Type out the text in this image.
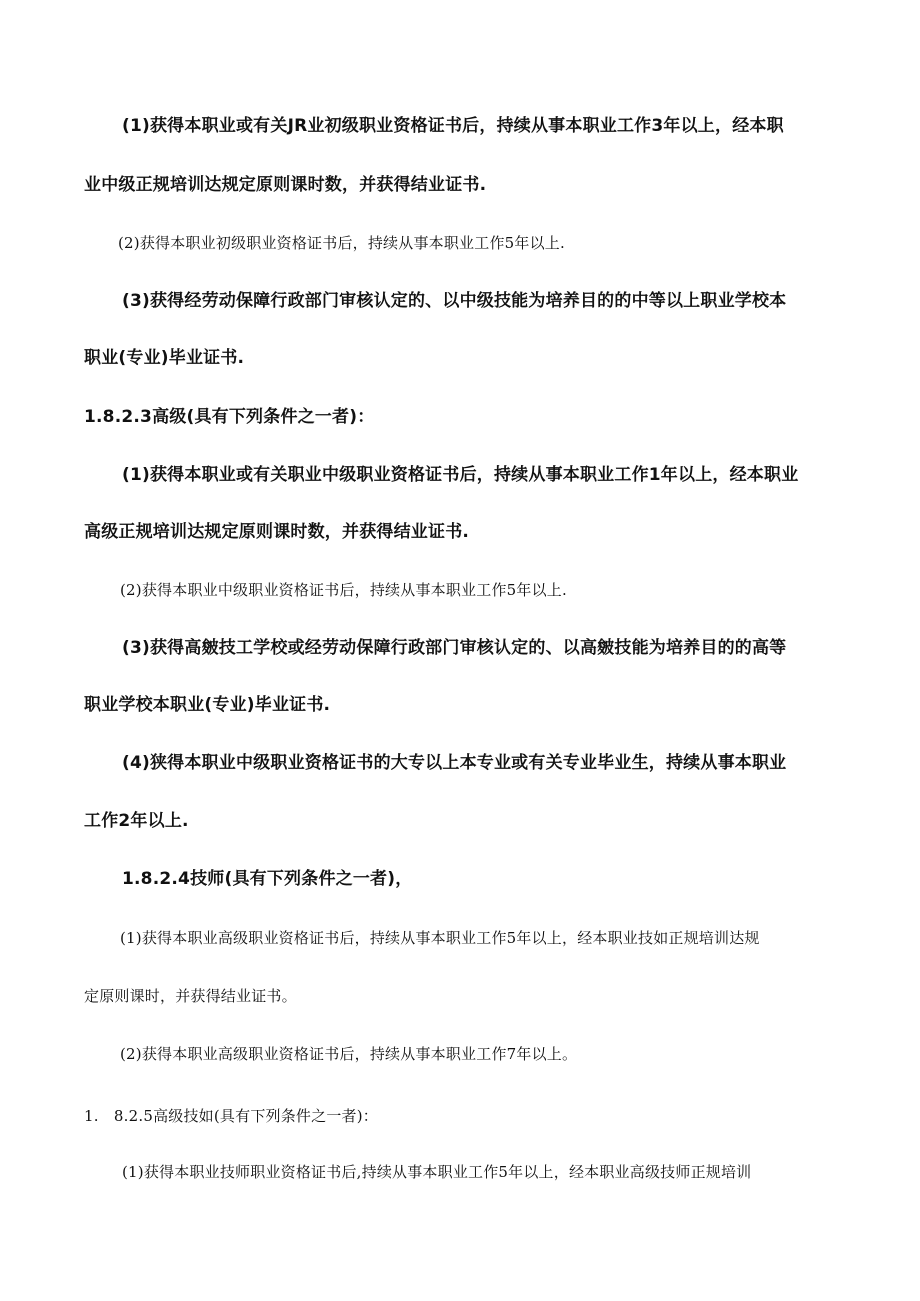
(1)获得本职业或有关JR业初级职业资格证书后，持续从事本职业工作3年以上，经本职
业中级正规培训达规定原则课时数，并获得结业证书.
(2)获得本职业初级职业资格证书后，持续从事本职业工作5年以上.
(3)获得经劳动保障行政部门审核认定的、以中级技能为培养目的的中等以上职业学校本
职业(专业)毕业证书.
1.8.2.3高级(具有下列条件之一者)：
(1)获得本职业或有关职业中级职业资格证书后，持续从事本职业工作1年以上，经本职业
高级正规培训达规定原则课时数，并获得结业证书.
(2)获得本职业中级职业资格证书后，持续从事本职业工作5年以上.
(3)获得高皴技工学校或经劳动保障行政部门审核认定的、以高皴技能为培养目的的高等
职业学校本职业(专业)毕业证书.
(4)狭得本职业中级职业资格证书的大专以上本专业或有关专业毕业生，持续从事本职业
工作2年以上.
1.8.2.4技师(具有下列条件之一者)，
(1)获得本职业高级职业资格证书后，持续从事本职业工作5年以上，经本职业技如正规培训达规
定原则课时，并获得结业证书。
(2)获得本职业高级职业资格证书后，持续从事本职业工作7年以上。
1.　8.2.5高级技如(具有下列条件之一者)：
(1)获得本职业技师职业资格证书后,持续从事本职业工作5年以上，经本职业高级技师正规培训
